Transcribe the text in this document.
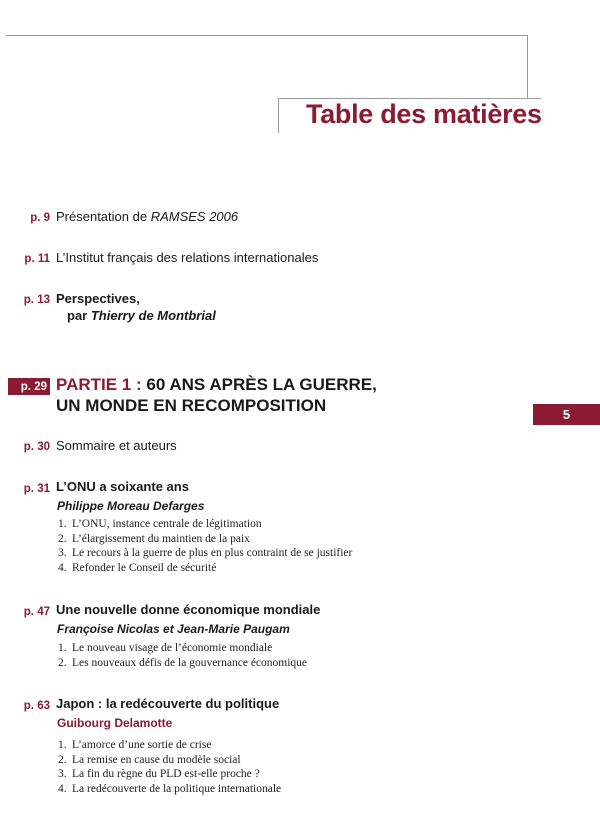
Table des matières
5
p. 9 Présentation de RAMSES 2006
p. 11 L’Institut français des relations internationales
p. 13 Perspectives,
par Thierry de Montbrial
p. 29 PARTIE 1 : 60 ANS APRÈS LA GUERRE,
UN MONDE EN RECOMPOSITION
p. 30 Sommaire et auteurs
p. 31 L’ONU a soixante ans
Philippe Moreau Defarges
1. L’ONU, instance centrale de légitimation
2. L’élargissement du maintien de la paix
3. Le recours à la guerre de plus en plus contraint de se justifier
4. Refonder le Conseil de sécurité
p. 47 Une nouvelle donne économique mondiale
Françoise Nicolas et Jean-Marie Paugam
1. Le nouveau visage de l’économie mondiale
2. Les nouveaux défis de la gouvernance économique
p. 63 Japon : la redécouverte du politique
Guibourg Delamotte
1. L’amorce d’une sortie de crise
2. La remise en cause du modèle social
3. La fin du règne du PLD est-elle proche ?
4. La redécouverte de la politique internationale
